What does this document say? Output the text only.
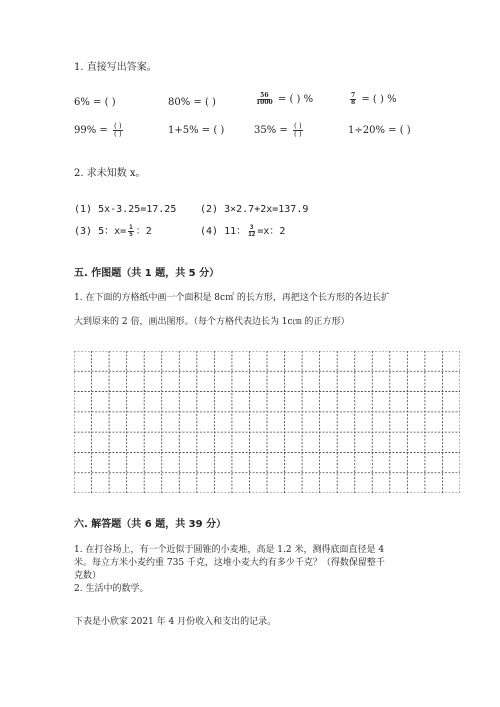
1. 直接写出答案。
6% = ( )	80% = ( )	$\frac{56}{1000}$ = ( ) %	$\frac{7}{8}$ = ( ) %
$99\% = \frac{( )}{( )}$	1+5% = ( )	$35\% = \frac{( )}{( )}$	1÷20% = ( )
2. 求未知数 x。
(1) 5x-3.25=17.25 (2) 3×2.7+2x=137.9
(3) 5：$x= \frac{1}{5}$ ：2	(4) 11： $\frac{3}{12} =x$：2
五. 作图题（共 1 题，共 5 分）
1. 在下面的方格纸中画一个面积是 8c㎡ 的长方形，再把这个长方形的各边长扩
大到原来的 2 倍，画出图形。（每个方格代表边长为 1c㎝ 的正方形）
六. 解答题（共 6 题，共 39 分）
1. 在打谷场上，有一个近似于圆锥的小麦堆，高是 1.2 米，测得底面直径是 4
米。每立方米小麦约重 735 千克，这堆小麦大约有多少千克？（得数保留整千
克数）
2. 生活中的数学。
下表是小欣家 2021 年 4 月份收入和支出的记录。
